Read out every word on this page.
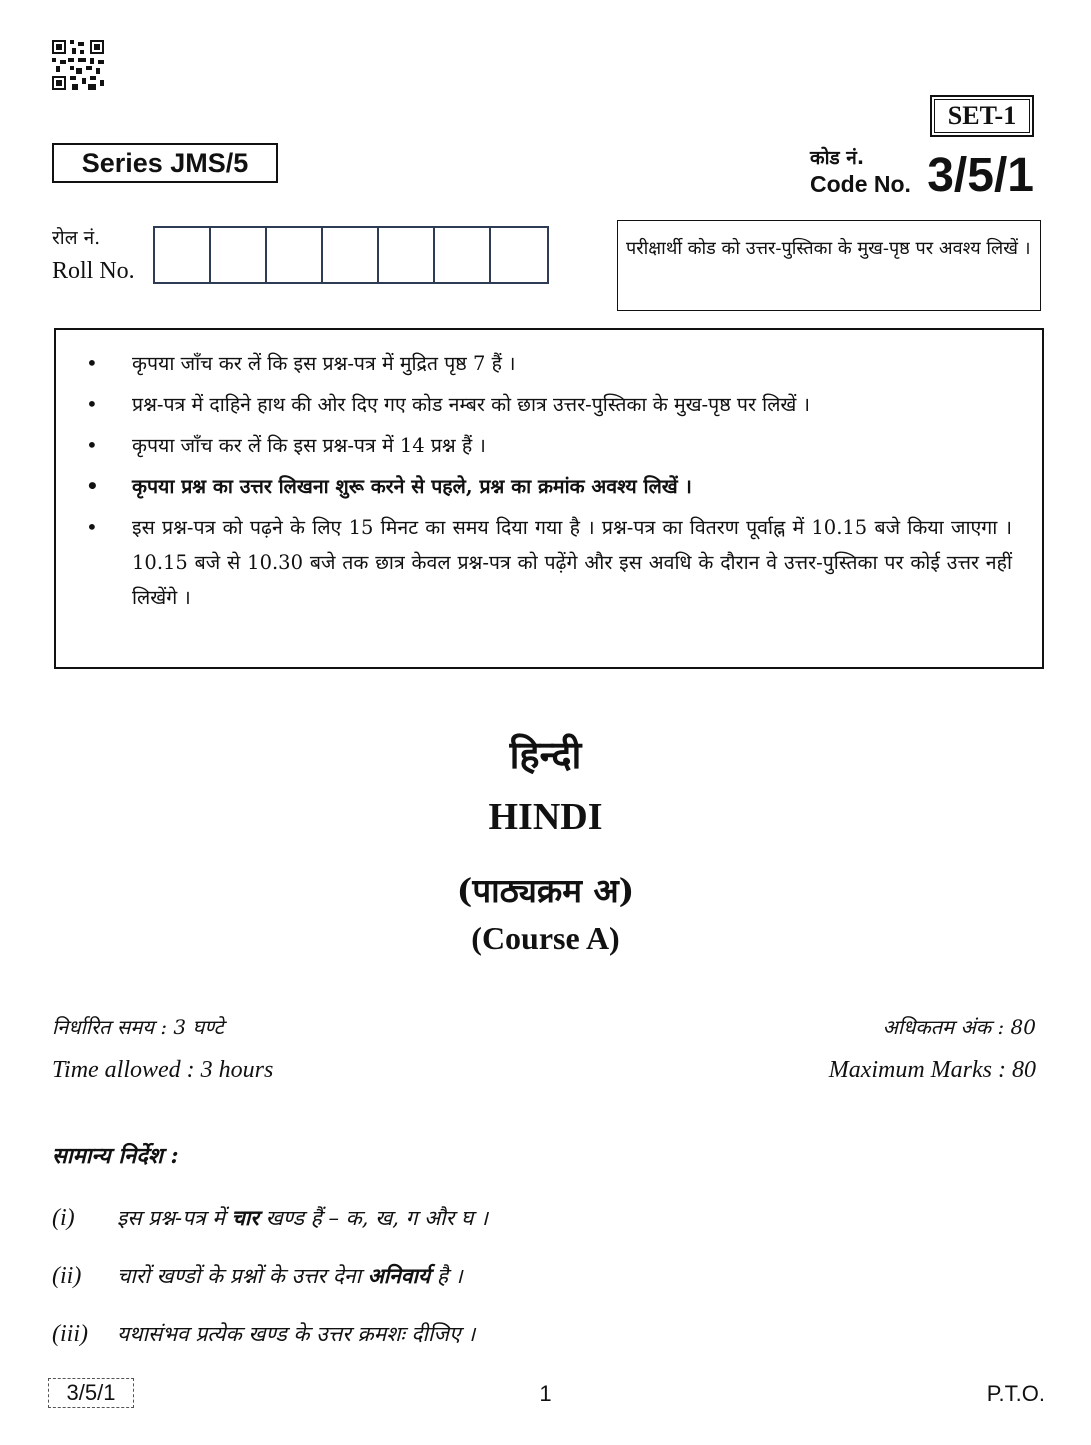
SET-1
Series JMS/5	कोड नं.
Code No. 3/5/1
रोल नं.
Roll No.
परीक्षार्थी कोड को उत्तर-पुस्तिका के मुख-पृष्ठ पर अवश्य लिखें ।
• कृपया जाँच कर लें कि इस प्रश्न-पत्र में मुद्रित पृष्ठ 7 हैं ।
• प्रश्न-पत्र में दाहिने हाथ की ओर दिए गए कोड नम्बर को छात्र उत्तर-पुस्तिका के मुख-पृष्ठ पर लिखें ।
• कृपया जाँच कर लें कि इस प्रश्न-पत्र में 14 प्रश्न हैं ।
• कृपया प्रश्न का उत्तर लिखना शुरू करने से पहले, प्रश्न का क्रमांक अवश्य लिखें ।
• इस प्रश्न-पत्र को पढ़ने के लिए 15 मिनट का समय दिया गया है । प्रश्न-पत्र का वितरण पूर्वाह्न में 10.15 बजे किया जाएगा । 10.15 बजे से 10.30 बजे तक छात्र केवल प्रश्न-पत्र को पढ़ेंगे और इस अवधि के दौरान वे उत्तर-पुस्तिका पर कोई उत्तर नहीं लिखेंगे ।
हिन्दी
HINDI
(पाठ्यक्रम अ)
(Course A)
निर्धारित समय : 3 घण्टे
Time allowed : 3 hours
अधिकतम अंक : 80
Maximum Marks : 80
सामान्य निर्देश :
(i) इस प्रश्न-पत्र में चार खण्ड हैं – क, ख, ग और घ ।
(ii) चारों खण्डों के प्रश्नों के उत्तर देना अनिवार्य है ।
(iii) यथासंभव प्रत्येक खण्ड के उत्तर क्रमशः दीजिए ।
3/5/1	1	P.T.O.
